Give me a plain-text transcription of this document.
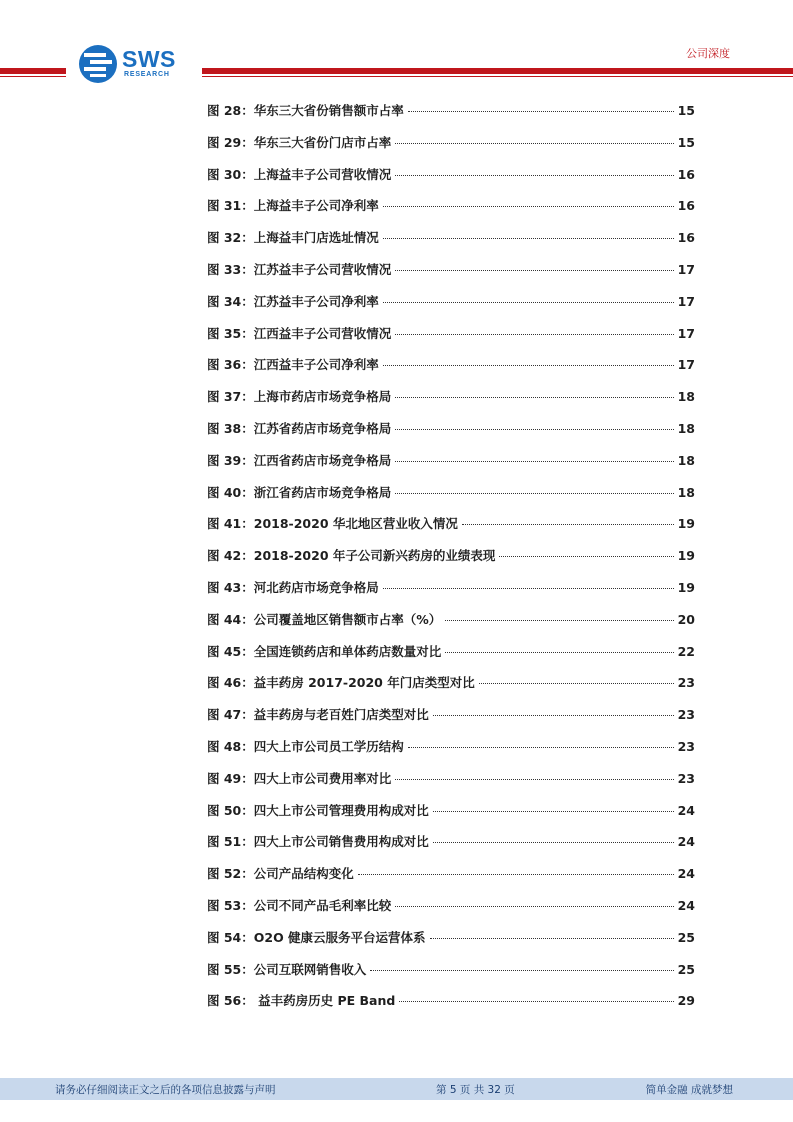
SWS
RESEARCH
公司深度
图 28：华东三大省份销售额市占率	15
图 29：华东三大省份门店市占率	15
图 30：上海益丰子公司营收情况	16
图 31：上海益丰子公司净利率	16
图 32：上海益丰门店选址情况	16
图 33：江苏益丰子公司营收情况	17
图 34：江苏益丰子公司净利率	17
图 35：江西益丰子公司营收情况	17
图 36：江西益丰子公司净利率	17
图 37：上海市药店市场竞争格局	18
图 38：江苏省药店市场竞争格局	18
图 39：江西省药店市场竞争格局	18
图 40：浙江省药店市场竞争格局	18
图 41：2018-2020 华北地区营业收入情况	19
图 42：2018-2020 年子公司新兴药房的业绩表现	19
图 43：河北药店市场竞争格局	19
图 44：公司覆盖地区销售额市占率（%）	20
图 45：全国连锁药店和单体药店数量对比	22
图 46：益丰药房 2017-2020 年门店类型对比	23
图 47：益丰药房与老百姓门店类型对比	23
图 48：四大上市公司员工学历结构	23
图 49：四大上市公司费用率对比	23
图 50：四大上市公司管理费用构成对比	24
图 51：四大上市公司销售费用构成对比	24
图 52：公司产品结构变化	24
图 53：公司不同产品毛利率比较	24
图 54：O2O 健康云服务平台运营体系	25
图 55：公司互联网销售收入	25
图 56： 益丰药房历史 PE Band	29
请务必仔细阅读正文之后的各项信息披露与声明	第 5 页 共 32 页	简单金融 成就梦想
